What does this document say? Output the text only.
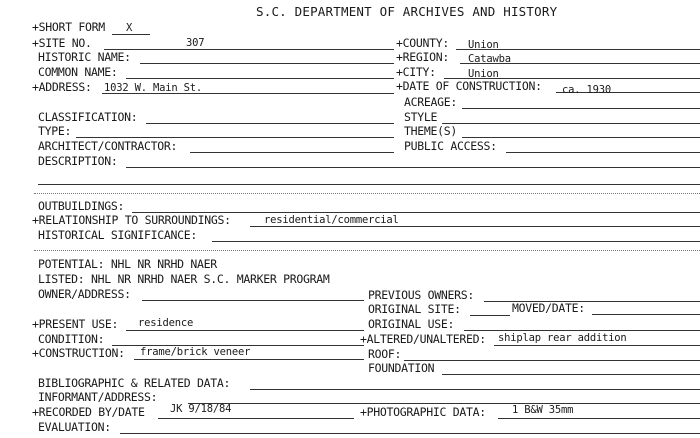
S.C. DEPARTMENT OF ARCHIVES AND HISTORY
+SHORT FORM X
+SITE NO.	307	+COUNTY: Union
HISTORIC NAME:	+REGION: Catawba
COMMON NAME:	+CITY:	Union
+ADDRESS: 1032 W. Main St.	+DATE OF CONSTRUCTION: ca. 1930
ACREAGE:
CLASSIFICATION:	STYLE
TYPE:	THEME(S)
ARCHITECT/CONTRACTOR:	PUBLIC ACCESS:
DESCRIPTION:
OUTBUILDINGS:
+RELATIONSHIP TO SURROUNDINGS:	residential/commercial
HISTORICAL SIGNIFICANCE:
POTENTIAL: NHL NR NRHD NAER
LISTED: NHL NR NRHD NAER S.C. MARKER PROGRAM
OWNER/ADDRESS:	PREVIOUS OWNERS:
ORIGINAL SITE:	MOVED/DATE:
+PRESENT USE: residence	ORIGINAL USE:
CONDITION:	+ALTERED/UNALTERED: shiplap rear addition
+CONSTRUCTION: frame/brick veneer	ROOF:
FOUNDATION
BIBLIOGRAPHIC & RELATED DATA:
INFORMANT/ADDRESS:
+RECORDED BY/DATE JK 9/18/84	+PHOTOGRAPHIC DATA: 1 B&W 35mm
EVALUATION:
